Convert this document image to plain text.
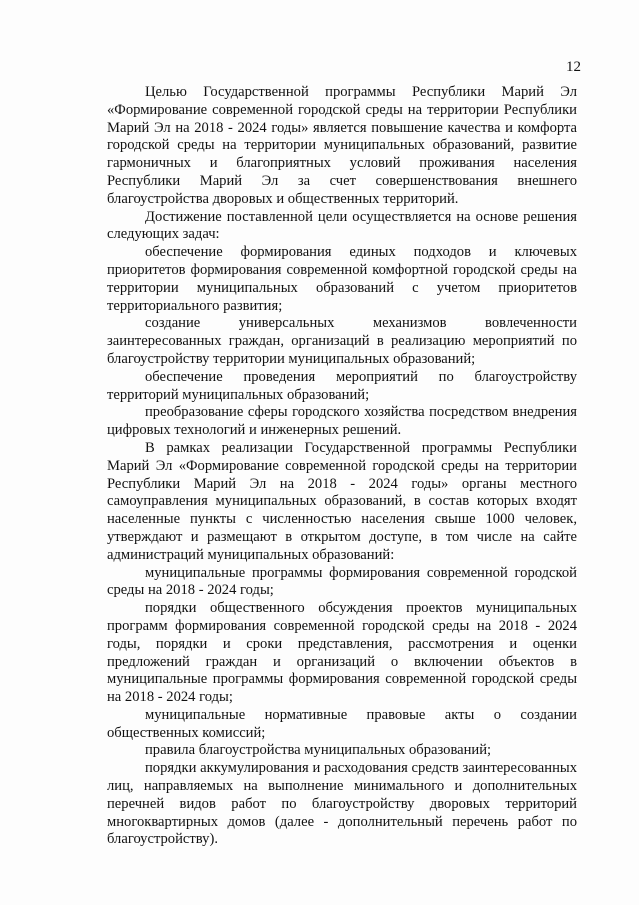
12

Целью Государственной программы Республики Марий Эл «Формирование современной городской среды на территории Республики Марий Эл на 2018 - 2024 годы» является повышение качества и комфорта городской среды на территории муниципальных образований, развитие гармоничных и благоприятных условий проживания населения Республики Марий Эл за счет совершенствования внешнего благоустройства дворовых и общественных территорий.

Достижение поставленной цели осуществляется на основе решения следующих задач:

обеспечение формирования единых подходов и ключевых приоритетов формирования современной комфортной городской среды на территории муниципальных образований с учетом приоритетов территориального развития;

создание универсальных механизмов вовлеченности заинтересованных граждан, организаций в реализацию мероприятий по благоустройству территории муниципальных образований;

обеспечение проведения мероприятий по благоустройству территорий муниципальных образований;

преобразование сферы городского хозяйства посредством внедрения цифровых технологий и инженерных решений.

В рамках реализации Государственной программы Республики Марий Эл «Формирование современной городской среды на территории Республики Марий Эл на 2018 - 2024 годы» органы местного самоуправления муниципальных образований, в состав которых входят населенные пункты с численностью населения свыше 1000 человек, утверждают и размещают в открытом доступе, в том числе на сайте администраций муниципальных образований:

муниципальные программы формирования современной городской среды на 2018 - 2024 годы;

порядки общественного обсуждения проектов муниципальных программ формирования современной городской среды на 2018 - 2024 годы, порядки и сроки представления, рассмотрения и оценки предложений граждан и организаций о включении объектов в муниципальные программы формирования современной городской среды на 2018 - 2024 годы;

муниципальные нормативные правовые акты о создании общественных комиссий;

правила благоустройства муниципальных образований;

порядки аккумулирования и расходования средств заинтересованных лиц, направляемых на выполнение минимального и дополнительных перечней видов работ по благоустройству дворовых территорий многоквартирных домов (далее - дополнительный перечень работ по благоустройству).
